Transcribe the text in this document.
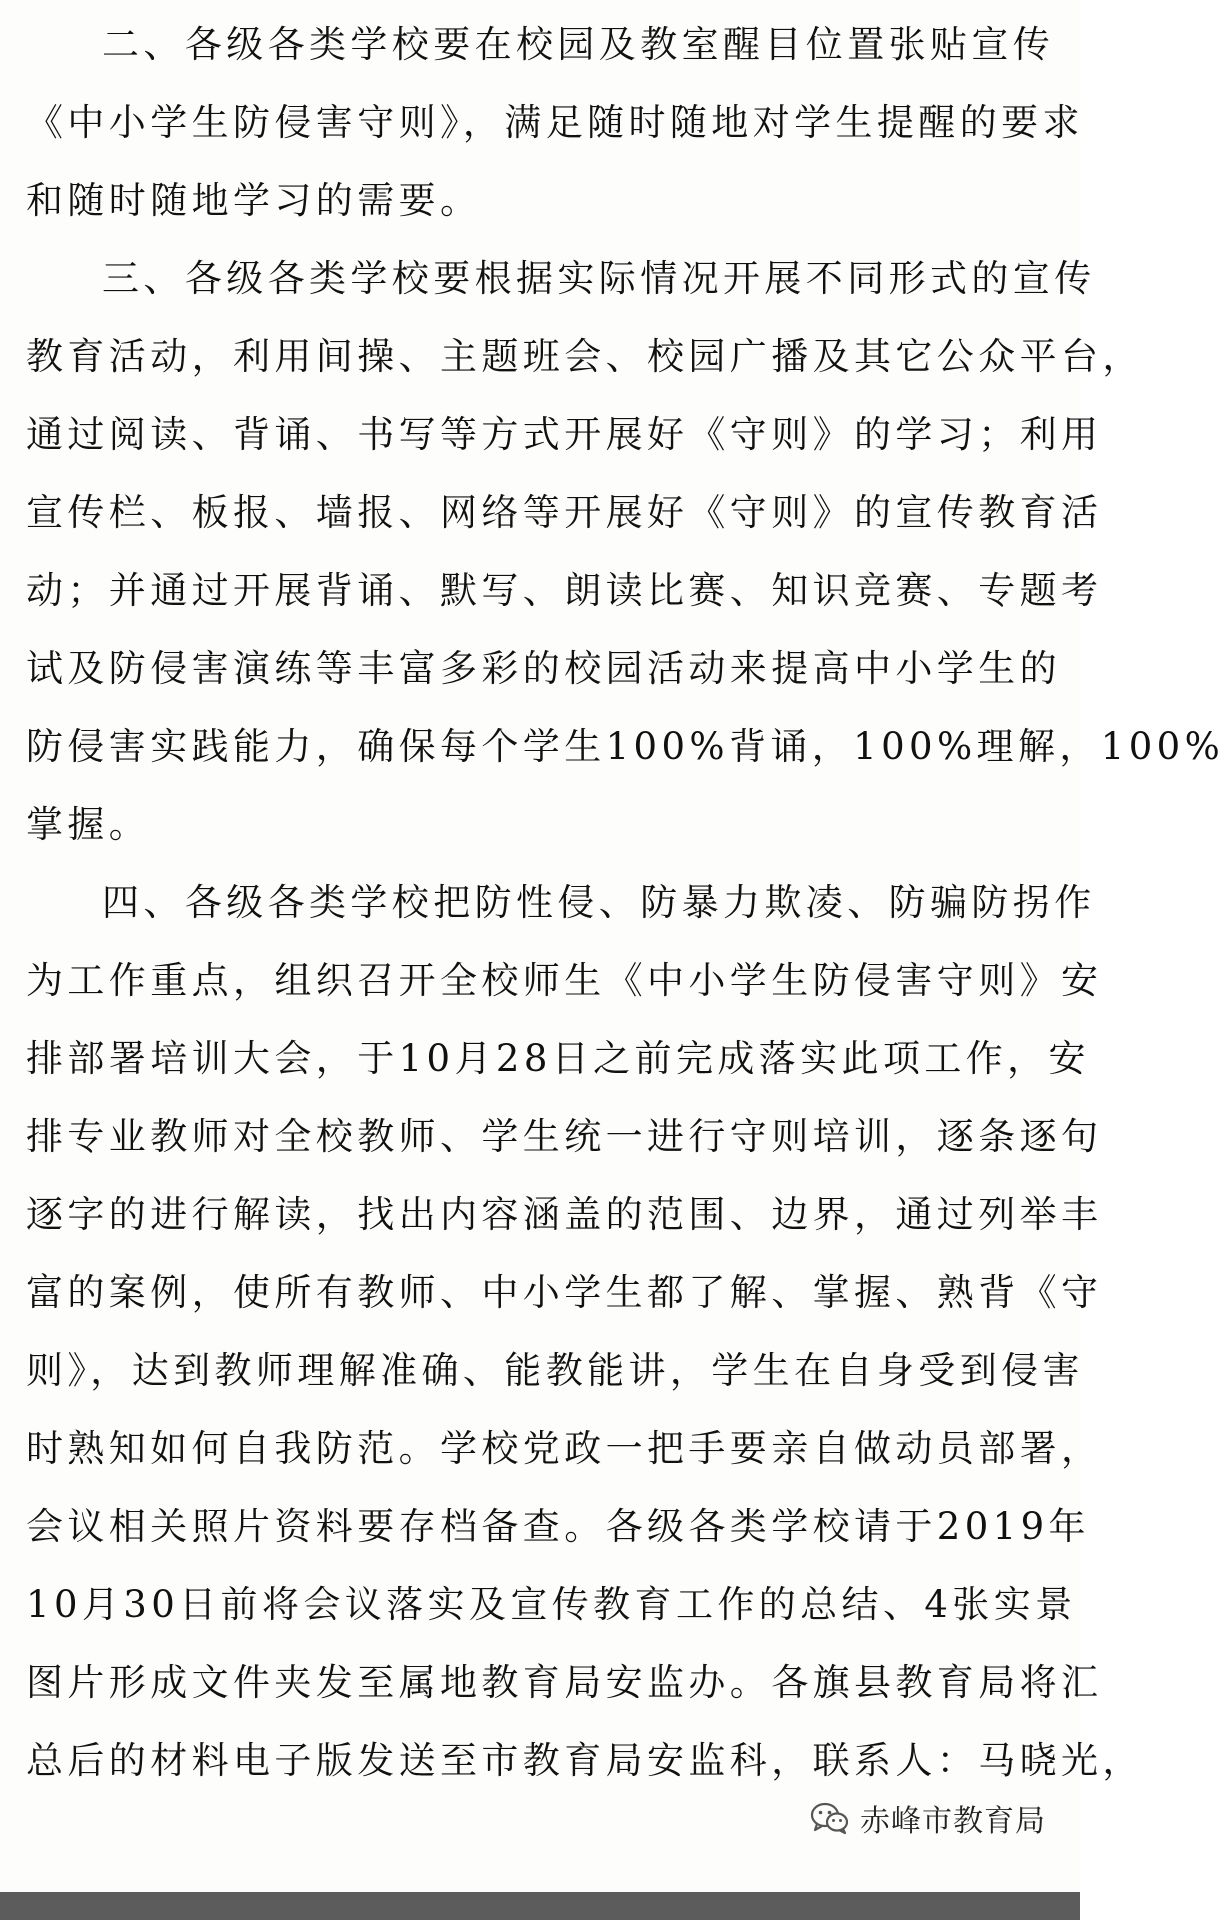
二、各级各类学校要在校园及教室醒目位置张贴宣传
《中小学生防侵害守则》，满足随时随地对学生提醒的要求
和随时随地学习的需要。
三、各级各类学校要根据实际情况开展不同形式的宣传
教育活动，利用间操、主题班会、校园广播及其它公众平台，
通过阅读、背诵、书写等方式开展好《守则》的学习；利用
宣传栏、板报、墙报、网络等开展好《守则》的宣传教育活
动；并通过开展背诵、默写、朗读比赛、知识竞赛、专题考
试及防侵害演练等丰富多彩的校园活动来提高中小学生的
防侵害实践能力，确保每个学生100%背诵，100%理解，100%
掌握。
四、各级各类学校把防性侵、防暴力欺凌、防骗防拐作
为工作重点，组织召开全校师生《中小学生防侵害守则》安
排部署培训大会，于10月28日之前完成落实此项工作，安
排专业教师对全校教师、学生统一进行守则培训，逐条逐句
逐字的进行解读，找出内容涵盖的范围、边界，通过列举丰
富的案例，使所有教师、中小学生都了解、掌握、熟背《守
则》，达到教师理解准确、能教能讲，学生在自身受到侵害
时熟知如何自我防范。学校党政一把手要亲自做动员部署，
会议相关照片资料要存档备查。各级各类学校请于2019年
10月30日前将会议落实及宣传教育工作的总结、4张实景
图片形成文件夹发至属地教育局安监办。各旗县教育局将汇
总后的材料电子版发送至市教育局安监科，联系人：马晓光，
赤峰市教育局
